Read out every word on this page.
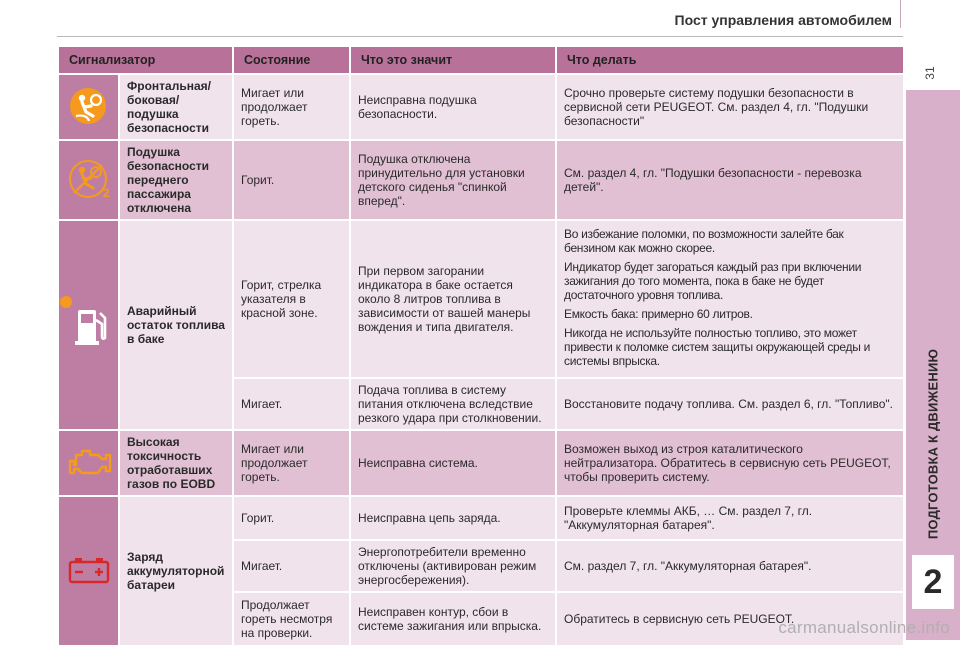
Пост управления автомобилем
31
ПОДГОТОВКА К ДВИЖЕНИЮ
2
Сигнализатор		Состояние	Что это значит	Что делать
	Фронтальная/ боковая/ подушка безопасности	Мигает или продолжает гореть.	Неисправна подушка безопасности.	Срочно проверьте систему подушки безопасности в сервисной сети PEUGEOT. См. раздел 4, гл. "Подушки безопасности"

2	Подушка безопасности переднего пассажира отключена	Горит.	Подушка отключена принудительно для установки детского сиденья "спинкой вперед".	См. раздел 4, гл. "Подушки безопасности - перевозка детей".

	Аварийный остаток топлива в баке	Горит, стрелка указателя в красной зоне.	При первом загорании индикатора в баке остается около 8 литров топлива в зависимости от вашей манеры вождения и типа двигателя.	Во избежание поломки, по возможности залейте бак бензином как можно скорее.

Индикатор будет загораться каждый раз при включении зажигания до того момента, пока в баке не будет достаточного уровня топлива.

Емкость бака: примерно 60 литров.

Никогда не используйте полностью топливо, это может привести к поломке систем защиты окружающей среды и системы впрыска.

		Мигает.	Подача топлива в систему питания отключена вследствие резкого удара при столкновении.	Восстановите подачу топлива. См. раздел 6, гл. "Топливо".
	Высокая токсичность отработавших газов по EOBD	Мигает или продолжает гореть.	Неисправна система.	Возможен выход из строя каталитического нейтрализатора. Обратитесь в сервисную сеть PEUGEOT, чтобы проверить систему.
	Заряд аккумуляторной батареи	Горит.	Неисправна цепь заряда.	Проверьте клеммы АКБ, … См. раздел 7, гл. "Аккумуляторная батарея".
		Мигает.	Энергопотребители временно отключены (активирован режим энергосбережения).	См. раздел 7, гл. "Аккумуляторная батарея".
		Продолжает гореть несмотря на проверки.	Неисправен контур, сбои в системе зажигания или впрыска.	Обратитесь в сервисную сеть PEUGEOT.
carmanualsonline.info
